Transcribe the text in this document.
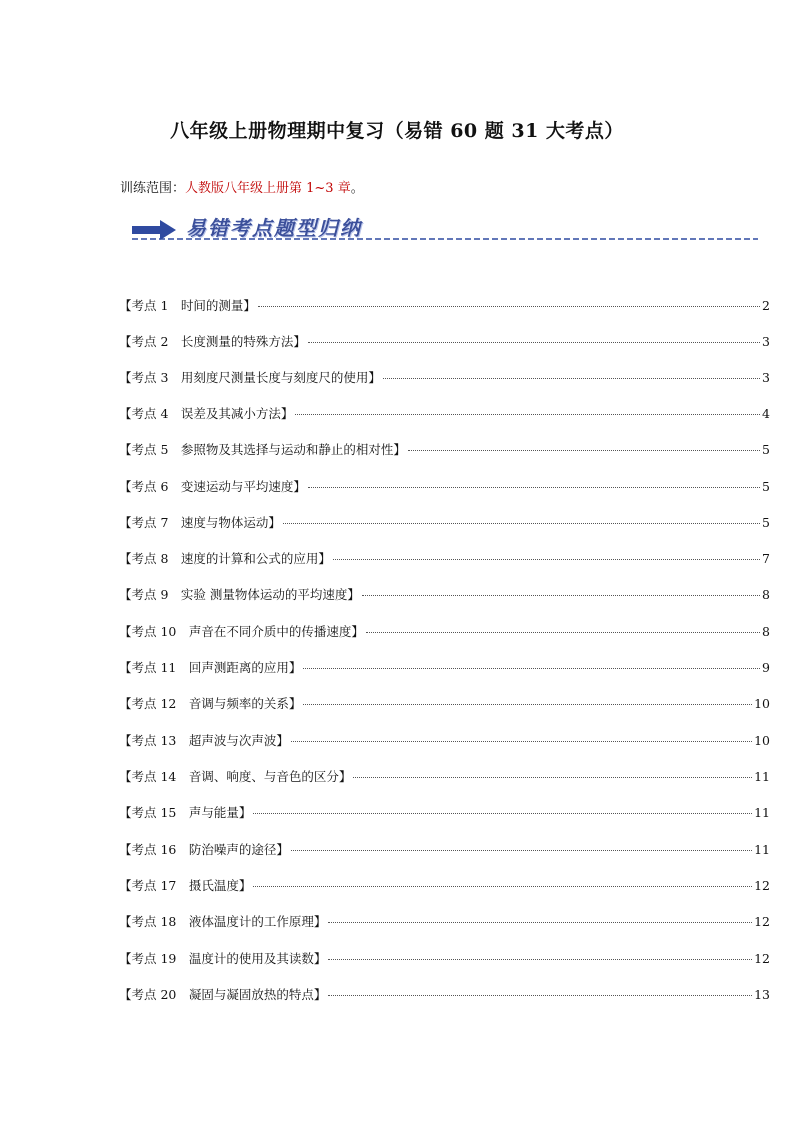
八年级上册物理期中复习（易错 60 题 31 大考点）
训练范围：人教版八年级上册第 1~3 章。
易错考点题型归纳
【考点 1　时间的测量】	2
【考点 2　长度测量的特殊方法】	3
【考点 3　用刻度尺测量长度与刻度尺的使用】	3
【考点 4　误差及其减小方法】	4
【考点 5　参照物及其选择与运动和静止的相对性】	5
【考点 6　变速运动与平均速度】	5
【考点 7　速度与物体运动】	5
【考点 8　速度的计算和公式的应用】	7
【考点 9　实验 测量物体运动的平均速度】	8
【考点 10　声音在不同介质中的传播速度】	8
【考点 11　回声测距离的应用】	9
【考点 12　音调与频率的关系】	10
【考点 13　超声波与次声波】	10
【考点 14　音调、响度、与音色的区分】	11
【考点 15　声与能量】	11
【考点 16　防治噪声的途径】	11
【考点 17　摄氏温度】	12
【考点 18　液体温度计的工作原理】	12
【考点 19　温度计的使用及其读数】	12
【考点 20　凝固与凝固放热的特点】	13
